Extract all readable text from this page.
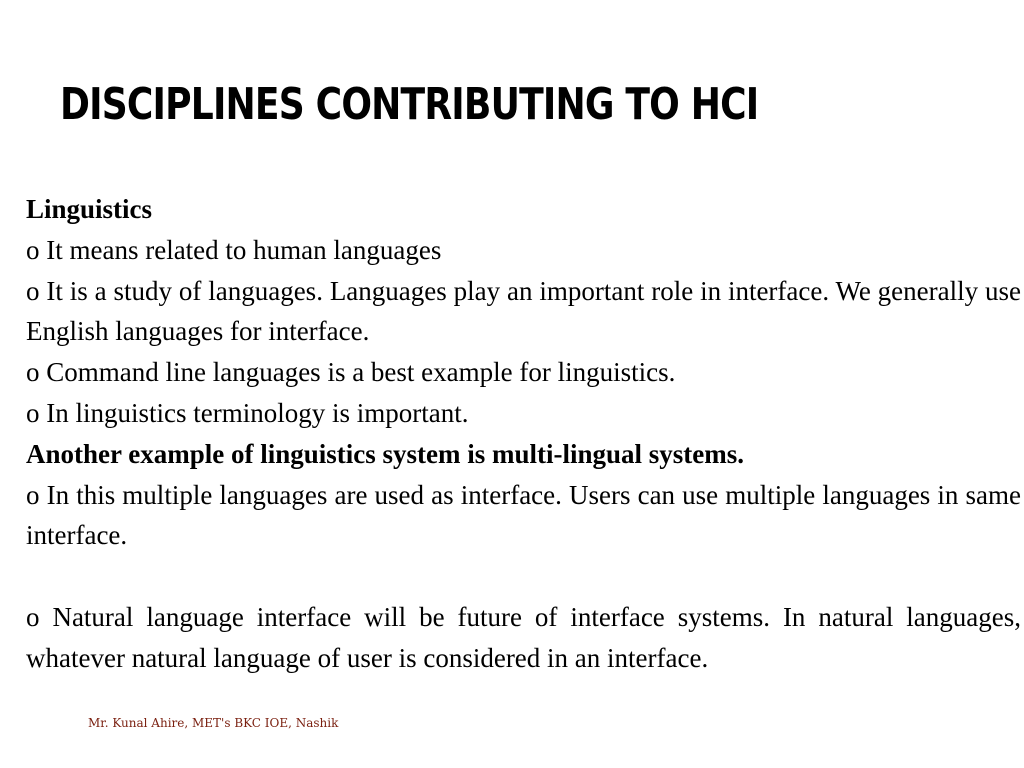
DISCIPLINES CONTRIBUTING TO HCI

Linguistics

o It means related to human languages

o It is a study of languages. Languages play an important role in interface. We generally use English languages for interface.

o Command line languages is a best example for linguistics.

o In linguistics terminology is important.

Another example of linguistics system is multi-lingual systems.

o In this multiple languages are used as interface. Users can use multiple languages in same interface.

o Natural language interface will be future of interface systems. In natural languages, whatever natural language of user is considered in an interface.

Mr. Kunal Ahire, MET's BKC IOE, Nashik
